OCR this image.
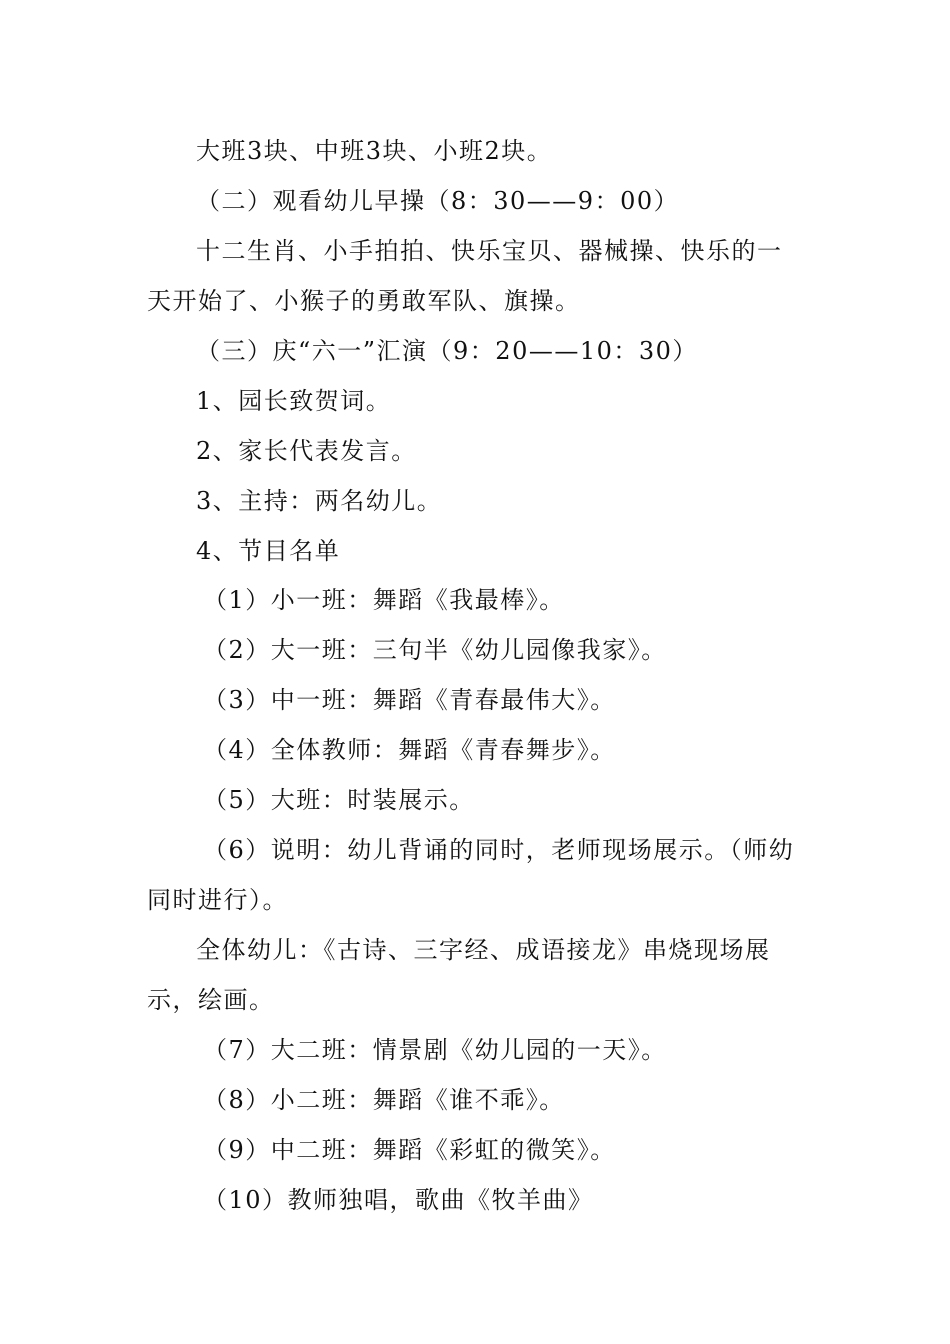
大班3块、中班3块、小班2块。
（二）观看幼儿早操（8：30——9：00）
十二生肖、小手拍拍、快乐宝贝、器械操、快乐的一
天开始了、小猴子的勇敢军队、旗操。
（三）庆“六一”汇演（9：20——10：30）
1、园长致贺词。
2、家长代表发言。
3、主持：两名幼儿。
4、节目名单
（1）小一班：舞蹈《我最棒》。
（2）大一班：三句半《幼儿园像我家》。
（3）中一班：舞蹈《青春最伟大》。
（4）全体教师：舞蹈《青春舞步》。
（5）大班：时装展示。
（6）说明：幼儿背诵的同时，老师现场展示。（师幼
同时进行）。
全体幼儿：《古诗、三字经、成语接龙》串烧现场展
示，绘画。
（7）大二班：情景剧《幼儿园的一天》。
（8）小二班：舞蹈《谁不乖》。
（9）中二班：舞蹈《彩虹的微笑》。
（10）教师独唱，歌曲《牧羊曲》
